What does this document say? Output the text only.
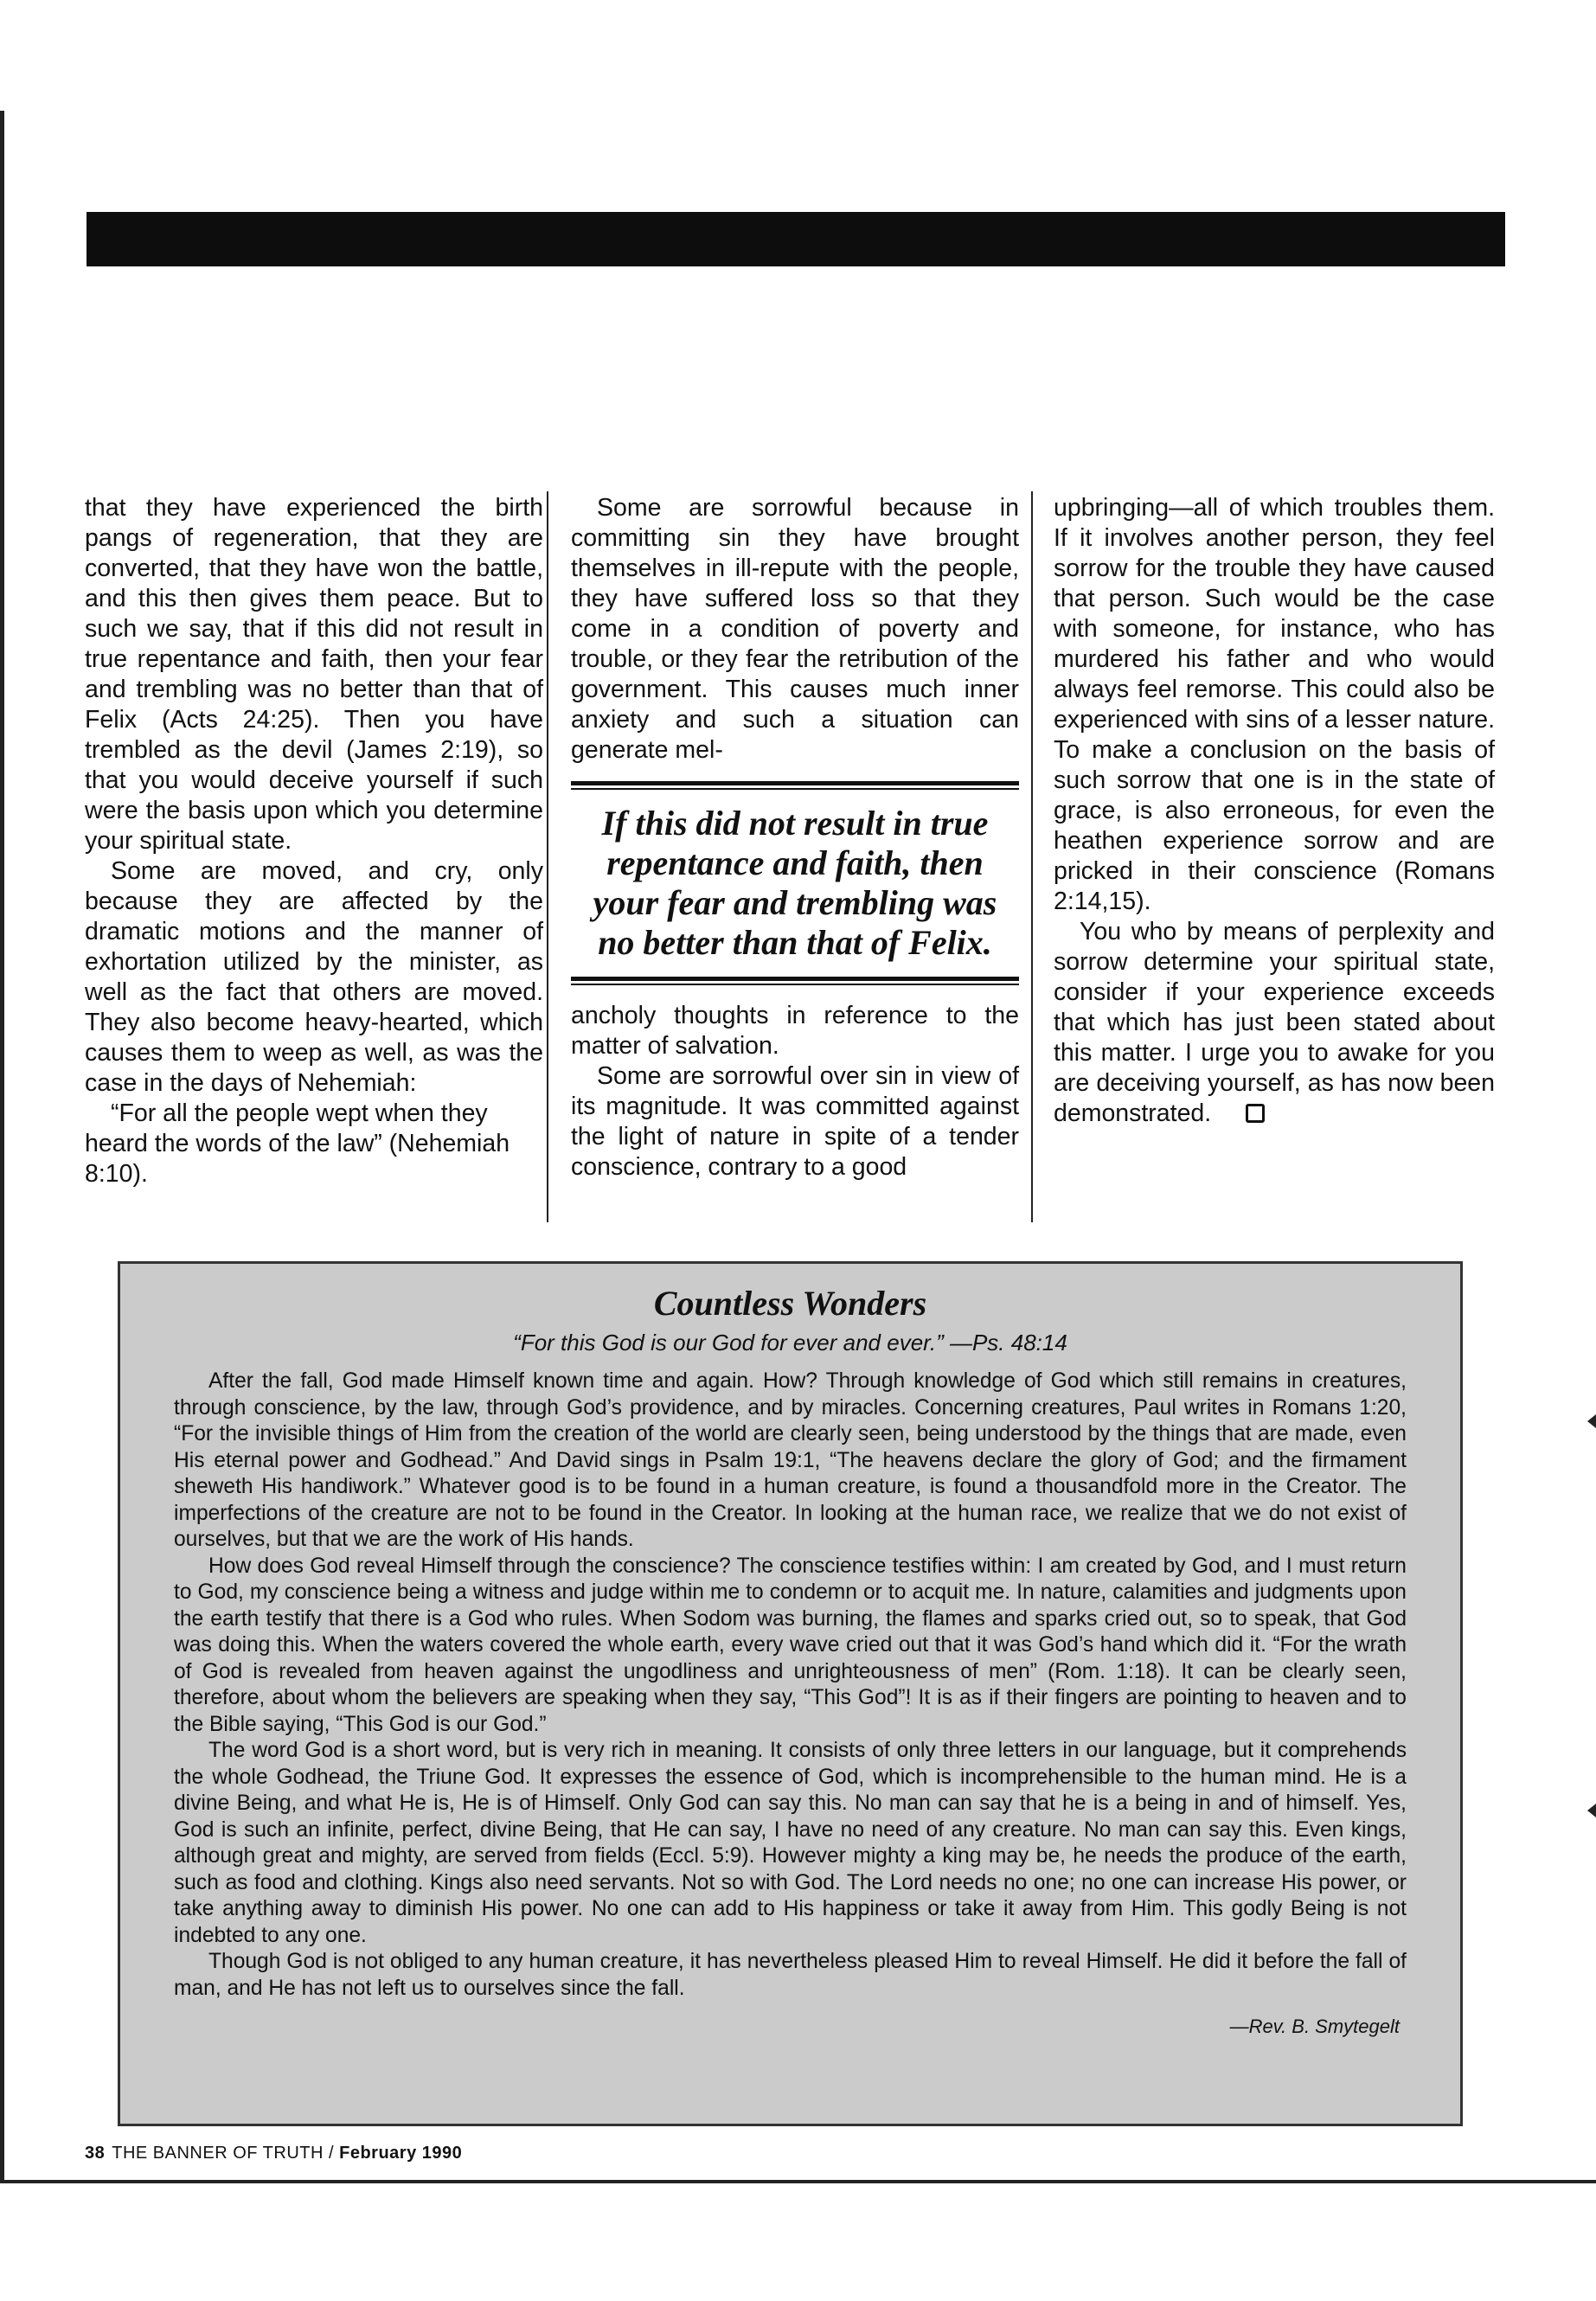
that they have experienced the birth pangs of regeneration, that they are converted, that they have won the battle, and this then gives them peace. But to such we say, that if this did not result in true repentance and faith, then your fear and trembling was no better than that of Felix (Acts 24:25). Then you have trembled as the devil (James 2:19), so that you would deceive yourself if such were the basis upon which you determine your spiritual state.

Some are moved, and cry, only because they are affected by the dramatic motions and the manner of exhortation utilized by the minister, as well as the fact that others are moved. They also become heavy-hearted, which causes them to weep as well, as was the case in the days of Nehemiah:

“For all the people wept when they heard the words of the law” (Nehemiah 8:10).

Some are sorrowful because in committing sin they have brought themselves in ill-repute with the people, they have suffered loss so that they come in a condition of poverty and trouble, or they fear the retribution of the government. This causes much inner anxiety and such a situation can generate mel-

If this did not result in true repentance and faith, then your fear and trembling was no better than that of Felix.

ancholy thoughts in reference to the matter of salvation.

Some are sorrowful over sin in view of its magnitude. It was committed against the light of nature in spite of a tender conscience, contrary to a good

upbringing—all of which troubles them. If it involves another person, they feel sorrow for the trouble they have caused that person. Such would be the case with someone, for instance, who has murdered his father and who would always feel remorse. This could also be experienced with sins of a lesser nature. To make a conclusion on the basis of such sorrow that one is in the state of grace, is also erroneous, for even the heathen experience sorrow and are pricked in their conscience (Romans 2:14,15).

You who by means of perplexity and sorrow determine your spiritual state, consider if your experience exceeds that which has just been stated about this matter. I urge you to awake for you are deceiving yourself, as has now been demonstrated.

Countless Wonders
“For this God is our God for ever and ever.” —Ps. 48:14

After the fall, God made Himself known time and again. How? Through knowledge of God which still remains in creatures, through conscience, by the law, through God’s providence, and by miracles. Concerning creatures, Paul writes in Romans 1:20, “For the invisible things of Him from the creation of the world are clearly seen, being understood by the things that are made, even His eternal power and Godhead.” And David sings in Psalm 19:1, “The heavens declare the glory of God; and the firmament sheweth His handiwork.” Whatever good is to be found in a human creature, is found a thousandfold more in the Creator. The imperfections of the creature are not to be found in the Creator. In looking at the human race, we realize that we do not exist of ourselves, but that we are the work of His hands.

How does God reveal Himself through the conscience? The conscience testifies within: I am created by God, and I must return to God, my conscience being a witness and judge within me to condemn or to acquit me. In nature, calamities and judgments upon the earth testify that there is a God who rules. When Sodom was burning, the flames and sparks cried out, so to speak, that God was doing this. When the waters covered the whole earth, every wave cried out that it was God’s hand which did it. “For the wrath of God is revealed from heaven against the ungodliness and unrighteousness of men” (Rom. 1:18). It can be clearly seen, therefore, about whom the believers are speaking when they say, “This God”! It is as if their fingers are pointing to heaven and to the Bible saying, “This God is our God.”

The word God is a short word, but is very rich in meaning. It consists of only three letters in our language, but it comprehends the whole Godhead, the Triune God. It expresses the essence of God, which is incomprehensible to the human mind. He is a divine Being, and what He is, He is of Himself. Only God can say this. No man can say that he is a being in and of himself. Yes, God is such an infinite, perfect, divine Being, that He can say, I have no need of any creature. No man can say this. Even kings, although great and mighty, are served from fields (Eccl. 5:9). However mighty a king may be, he needs the produce of the earth, such as food and clothing. Kings also need servants. Not so with God. The Lord needs no one; no one can increase His power, or take anything away to diminish His power. No one can add to His happiness or take it away from Him. This godly Being is not indebted to any one.

Though God is not obliged to any human creature, it has nevertheless pleased Him to reveal Himself. He did it before the fall of man, and He has not left us to ourselves since the fall.

—Rev. B. Smytegelt
38 THE BANNER OF TRUTH / February 1990
